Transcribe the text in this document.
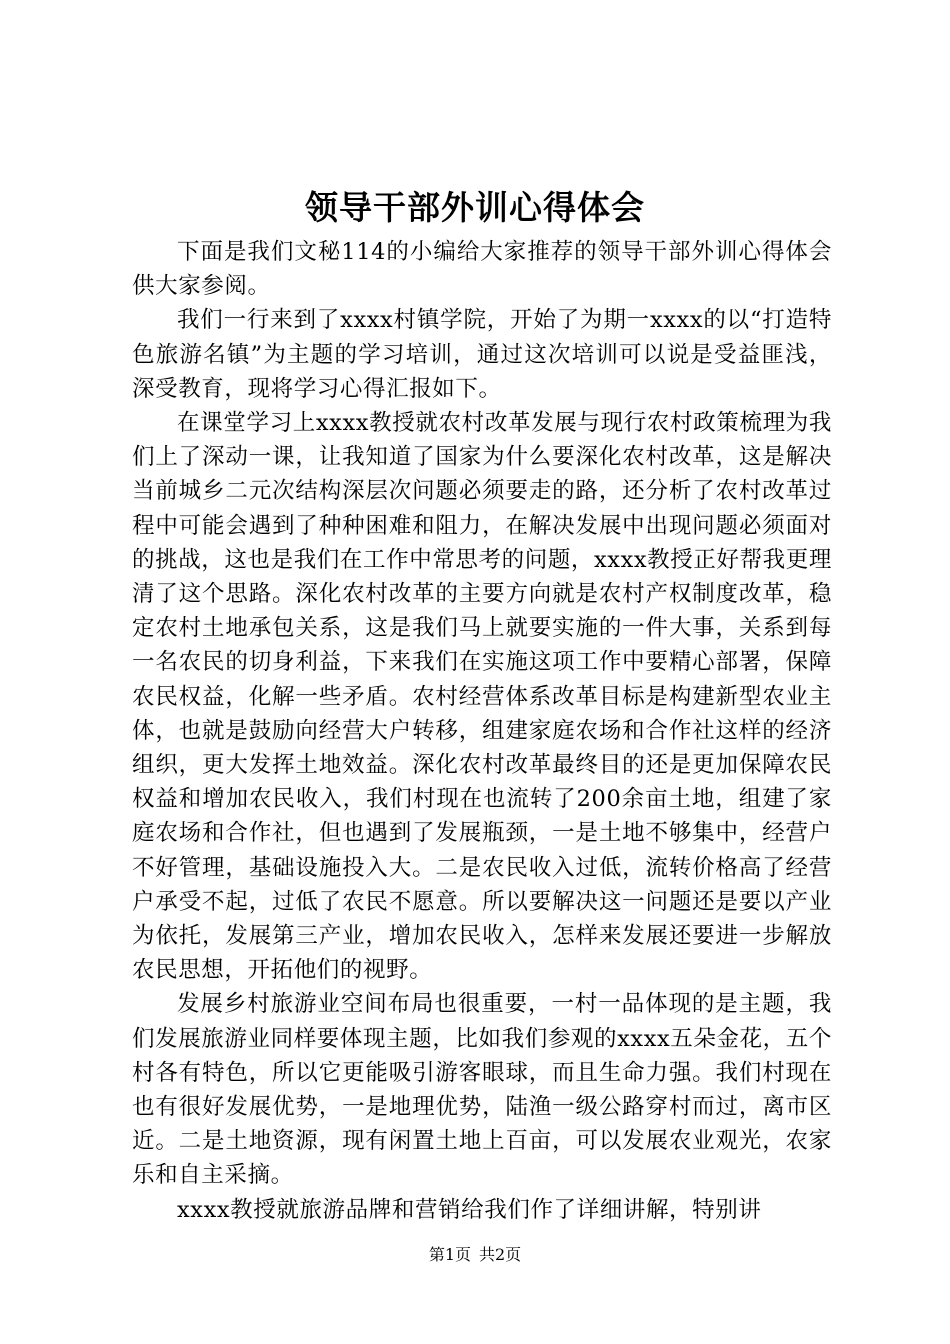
领导干部外训心得体会

下面是我们文秘114的小编给大家推荐的领导干部外训心得体会供大家参阅。

我们一行来到了xxxx村镇学院，开始了为期一xxxx的以“打造特色旅游名镇”为主题的学习培训，通过这次培训可以说是受益匪浅，深受教育，现将学习心得汇报如下。

在课堂学习上xxxx教授就农村改革发展与现行农村政策梳理为我们上了深动一课，让我知道了国家为什么要深化农村改革，这是解决当前城乡二元次结构深层次问题必须要走的路，还分析了农村改革过程中可能会遇到了种种困难和阻力，在解决发展中出现问题必须面对的挑战，这也是我们在工作中常思考的问题，xxxx教授正好帮我更理清了这个思路。深化农村改革的主要方向就是农村产权制度改革，稳定农村土地承包关系，这是我们马上就要实施的一件大事，关系到每一名农民的切身利益，下来我们在实施这项工作中要精心部署，保障农民权益，化解一些矛盾。农村经营体系改革目标是构建新型农业主体，也就是鼓励向经营大户转移，组建家庭农场和合作社这样的经济组织，更大发挥土地效益。深化农村改革最终目的还是更加保障农民权益和增加农民收入，我们村现在也流转了200余亩土地，组建了家庭农场和合作社，但也遇到了发展瓶颈，一是土地不够集中，经营户不好管理，基础设施投入大。二是农民收入过低，流转价格高了经营户承受不起，过低了农民不愿意。所以要解决这一问题还是要以产业为依托，发展第三产业，增加农民收入，怎样来发展还要进一步解放农民思想，开拓他们的视野。

发展乡村旅游业空间布局也很重要，一村一品体现的是主题，我们发展旅游业同样要体现主题，比如我们参观的xxxx五朵金花，五个村各有特色，所以它更能吸引游客眼球，而且生命力强。我们村现在也有很好发展优势，一是地理优势，陆渔一级公路穿村而过，离市区近。二是土地资源，现有闲置土地上百亩，可以发展农业观光，农家乐和自主采摘。

xxxx教授就旅游品牌和营销给我们作了详细讲解，特别讲

第1页 共2页
